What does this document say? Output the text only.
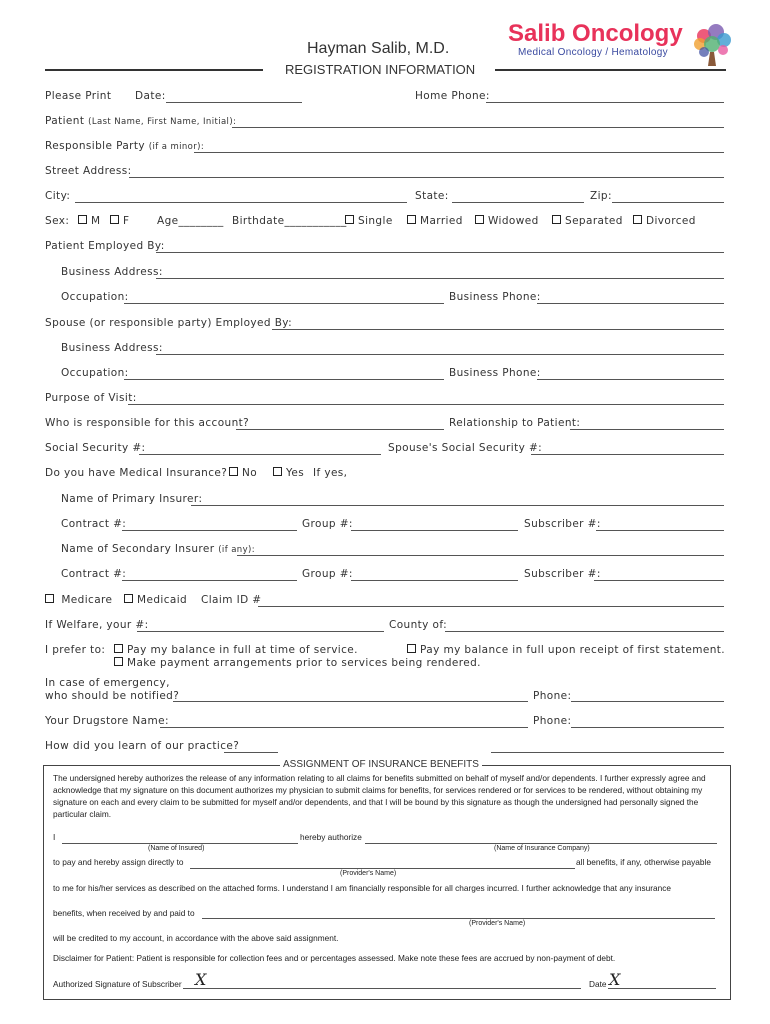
Hayman Salib, M.D.
REGISTRATION INFORMATION
Salib Oncology
Medical Oncology / Hematology
Please Print Date:	Home Phone:
Patient (Last Name, First Name, Initial):
Responsible Party (if a minor):
Street Address:
City:	State:	Zip:
Sex:	M	F	Age________ Birthdate___________	Single	Married	Widowed	Separated	Divorced
Patient Employed By:
Business Address:
Occupation:	Business Phone:
Spouse (or responsible party) Employed By:
Business Address:
Occupation:	Business Phone:
Purpose of Visit:
Who is responsible for this account?	Relationship to Patient:
Social Security #:	Spouse's Social Security #:
Do you have Medical Insurance?	No	Yes If yes,
Name of Primary Insurer:
Contract #:	Group #:	Subscriber #:
Name of Secondary Insurer (if any):
Contract #:	Group #:	Subscriber #:
Medicare	Medicaid Claim ID #
If Welfare, your #:	County of:
I prefer to:	Pay my balance in full at time of service.	Pay my balance in full upon receipt of first statement.
Make payment arrangements prior to services being rendered.
In case of emergency,
who should be notified?	Phone:
Your Drugstore Name:	Phone:
How did you learn of our practice?
ASSIGNMENT OF INSURANCE BENEFITS
The undersigned hereby authorizes the release of any information relating to all claims for benefits submitted on behalf of myself and/or dependents. I further expressly agree and
acknowledge that my signature on this document authorizes my physician to submit claims for benefits, for services rendered or for services to be rendered, without obtaining my
signature on each and every claim to be submitted for myself and/or dependents, and that I will be bound by this signature as though the undersigned had personally signed the
particular claim.
I	hereby authorize
(Name of Insured)	(Name of Insurance Company)
to pay and hereby assign directly to	all benefits, if any, otherwise payable
(Provider's Name)
to me for his/her services as described on the attached forms. I understand I am financially responsible for all charges incurred. I further acknowledge that any insurance
benefits, when received by and paid to
(Provider's Name)
will be credited to my account, in accordance with the above said assignment.
Disclaimer for Patient: Patient is responsible for collection fees and or percentages assessed. Make note these fees are accrued by non-payment of debt.
Authorized Signature of Subscriber X	Date X
